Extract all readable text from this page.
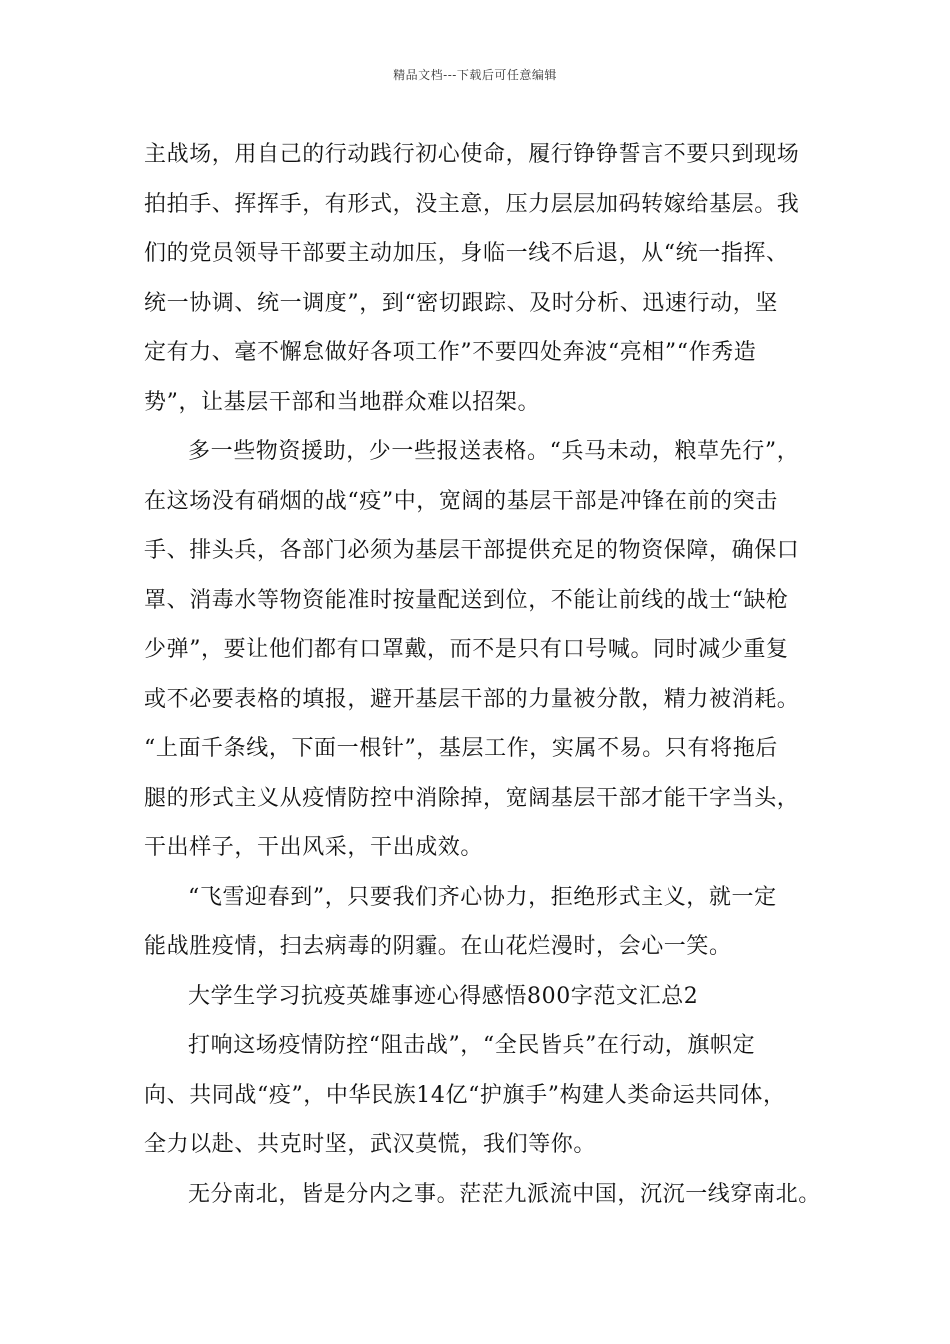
精品文档---下载后可任意编辑
主战场，用自己的行动践行初心使命，履行铮铮誓言不要只到现场
拍拍手、挥挥手，有形式，没主意，压力层层加码转嫁给基层。我
们的党员领导干部要主动加压，身临一线不后退，从“统一指挥、
统一协调、统一调度”，到“密切跟踪、及时分析、迅速行动，坚
定有力、毫不懈怠做好各项工作”不要四处奔波“亮相”“作秀造
势”，让基层干部和当地群众难以招架。
多一些物资援助，少一些报送表格。“兵马未动，粮草先行”，
在这场没有硝烟的战“疫”中，宽阔的基层干部是冲锋在前的突击
手、排头兵，各部门必须为基层干部提供充足的物资保障，确保口
罩、消毒水等物资能准时按量配送到位，不能让前线的战士“缺枪
少弹”，要让他们都有口罩戴，而不是只有口号喊。同时减少重复
或不必要表格的填报，避开基层干部的力量被分散，精力被消耗。
“上面千条线，下面一根针”，基层工作，实属不易。只有将拖后
腿的形式主义从疫情防控中消除掉，宽阔基层干部才能干字当头，
干出样子，干出风采，干出成效。
“飞雪迎春到”，只要我们齐心协力，拒绝形式主义，就一定
能战胜疫情，扫去病毒的阴霾。在山花烂漫时，会心一笑。
大学生学习抗疫英雄事迹心得感悟800字范文汇总2
打响这场疫情防控“阻击战”，“全民皆兵”在行动，旗帜定
向、共同战“疫”，中华民族14亿“护旗手”构建人类命运共同体，
全力以赴、共克时坚，武汉莫慌，我们等你。
无分南北，皆是分内之事。茫茫九派流中国，沉沉一线穿南北。
